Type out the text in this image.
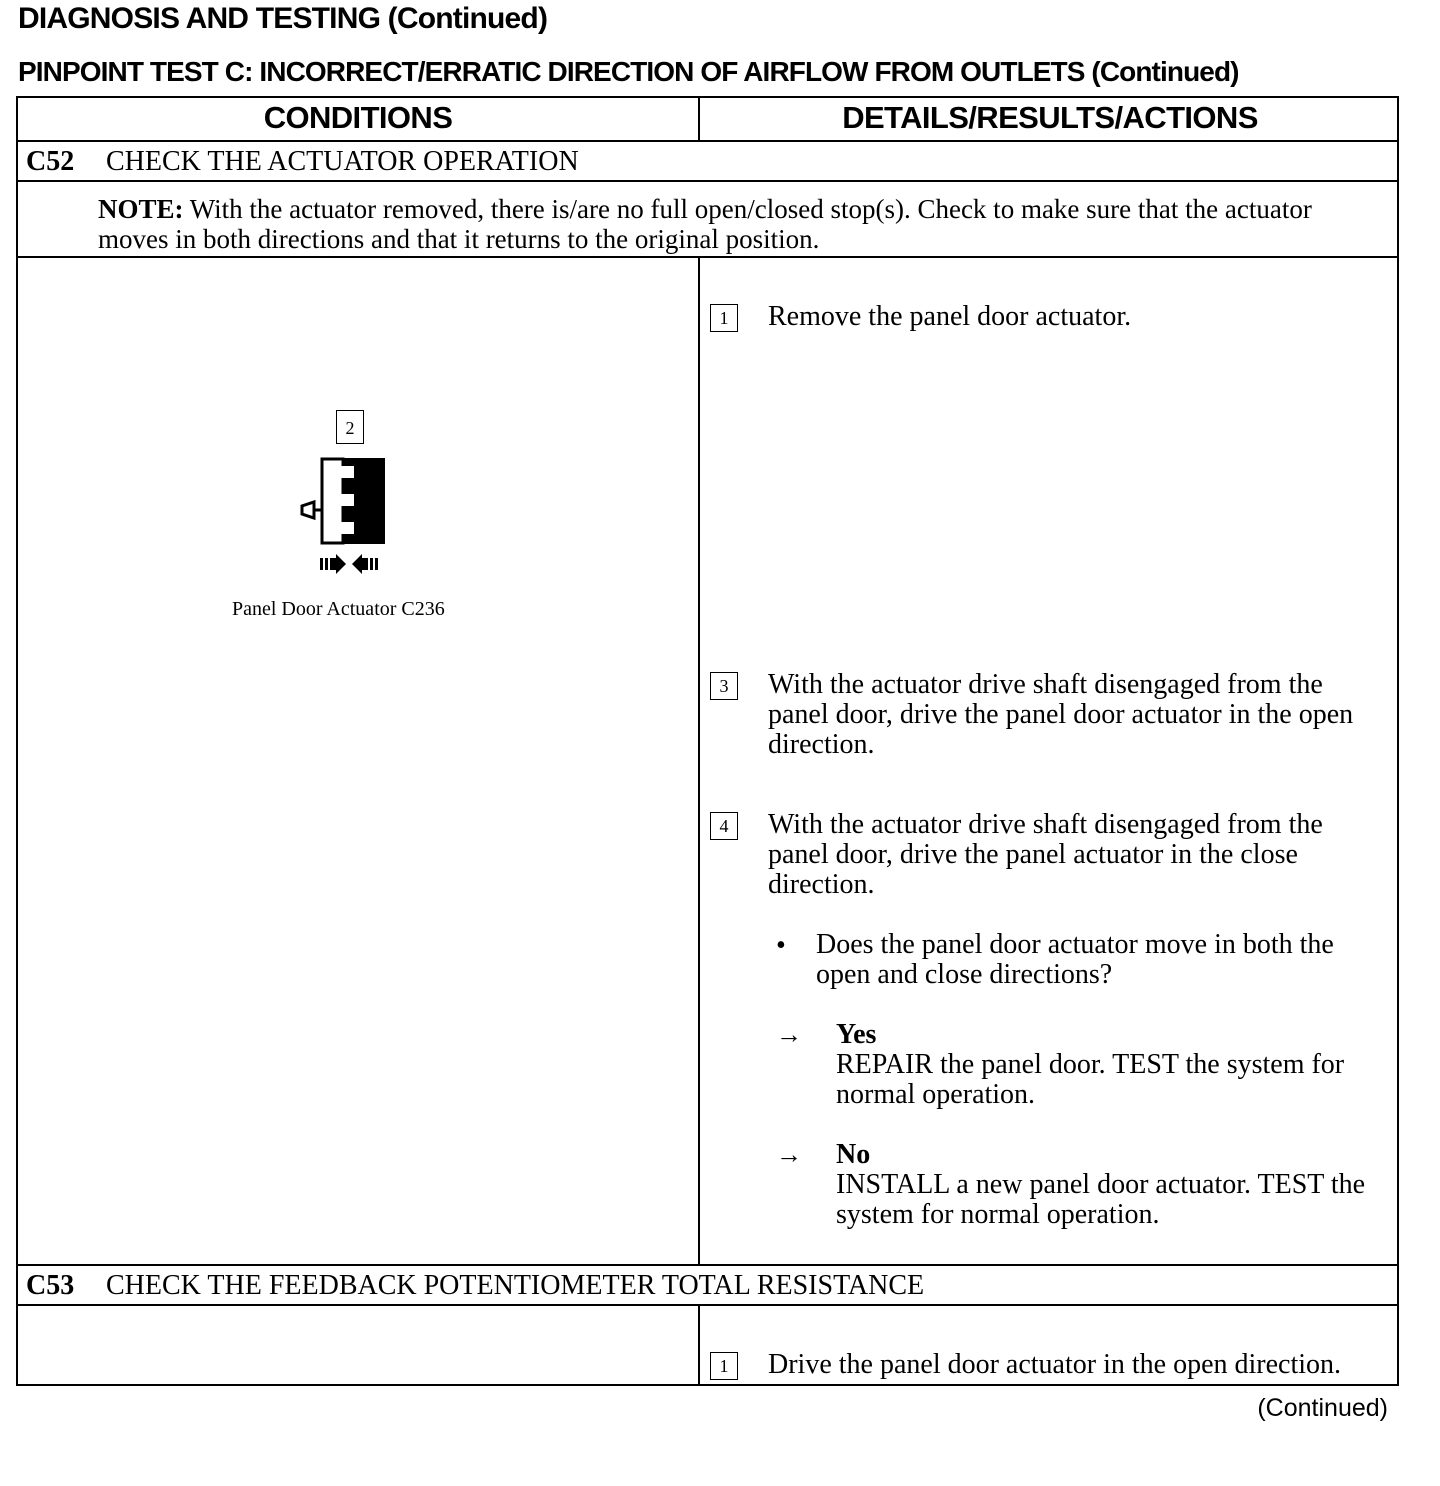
DIAGNOSIS AND TESTING (Continued)
PINPOINT TEST C: INCORRECT/ERRATIC DIRECTION OF AIRFLOW FROM OUTLETS (Continued)
CONDITIONS	DETAILS/RESULTS/ACTIONS
C52 CHECK THE ACTUATOR OPERATION
NOTE: With the actuator removed, there is/are no full open/closed stop(s). Check to make sure that the actuator moves in both directions and that it returns to the original position.
2
Panel Door Actuator C236
1	Remove the panel door actuator.
3	With the actuator drive shaft disengaged from the panel door, drive the panel door actuator in the open direction.
4	With the actuator drive shaft disengaged from the panel door, drive the panel actuator in the close direction.
• Does the panel door actuator move in both the open and close directions?
→ Yes
REPAIR the panel door. TEST the system for normal operation.
→ No
INSTALL a new panel door actuator. TEST the system for normal operation.
C53 CHECK THE FEEDBACK POTENTIOMETER TOTAL RESISTANCE
1	Drive the panel door actuator in the open direction.
(Continued)
